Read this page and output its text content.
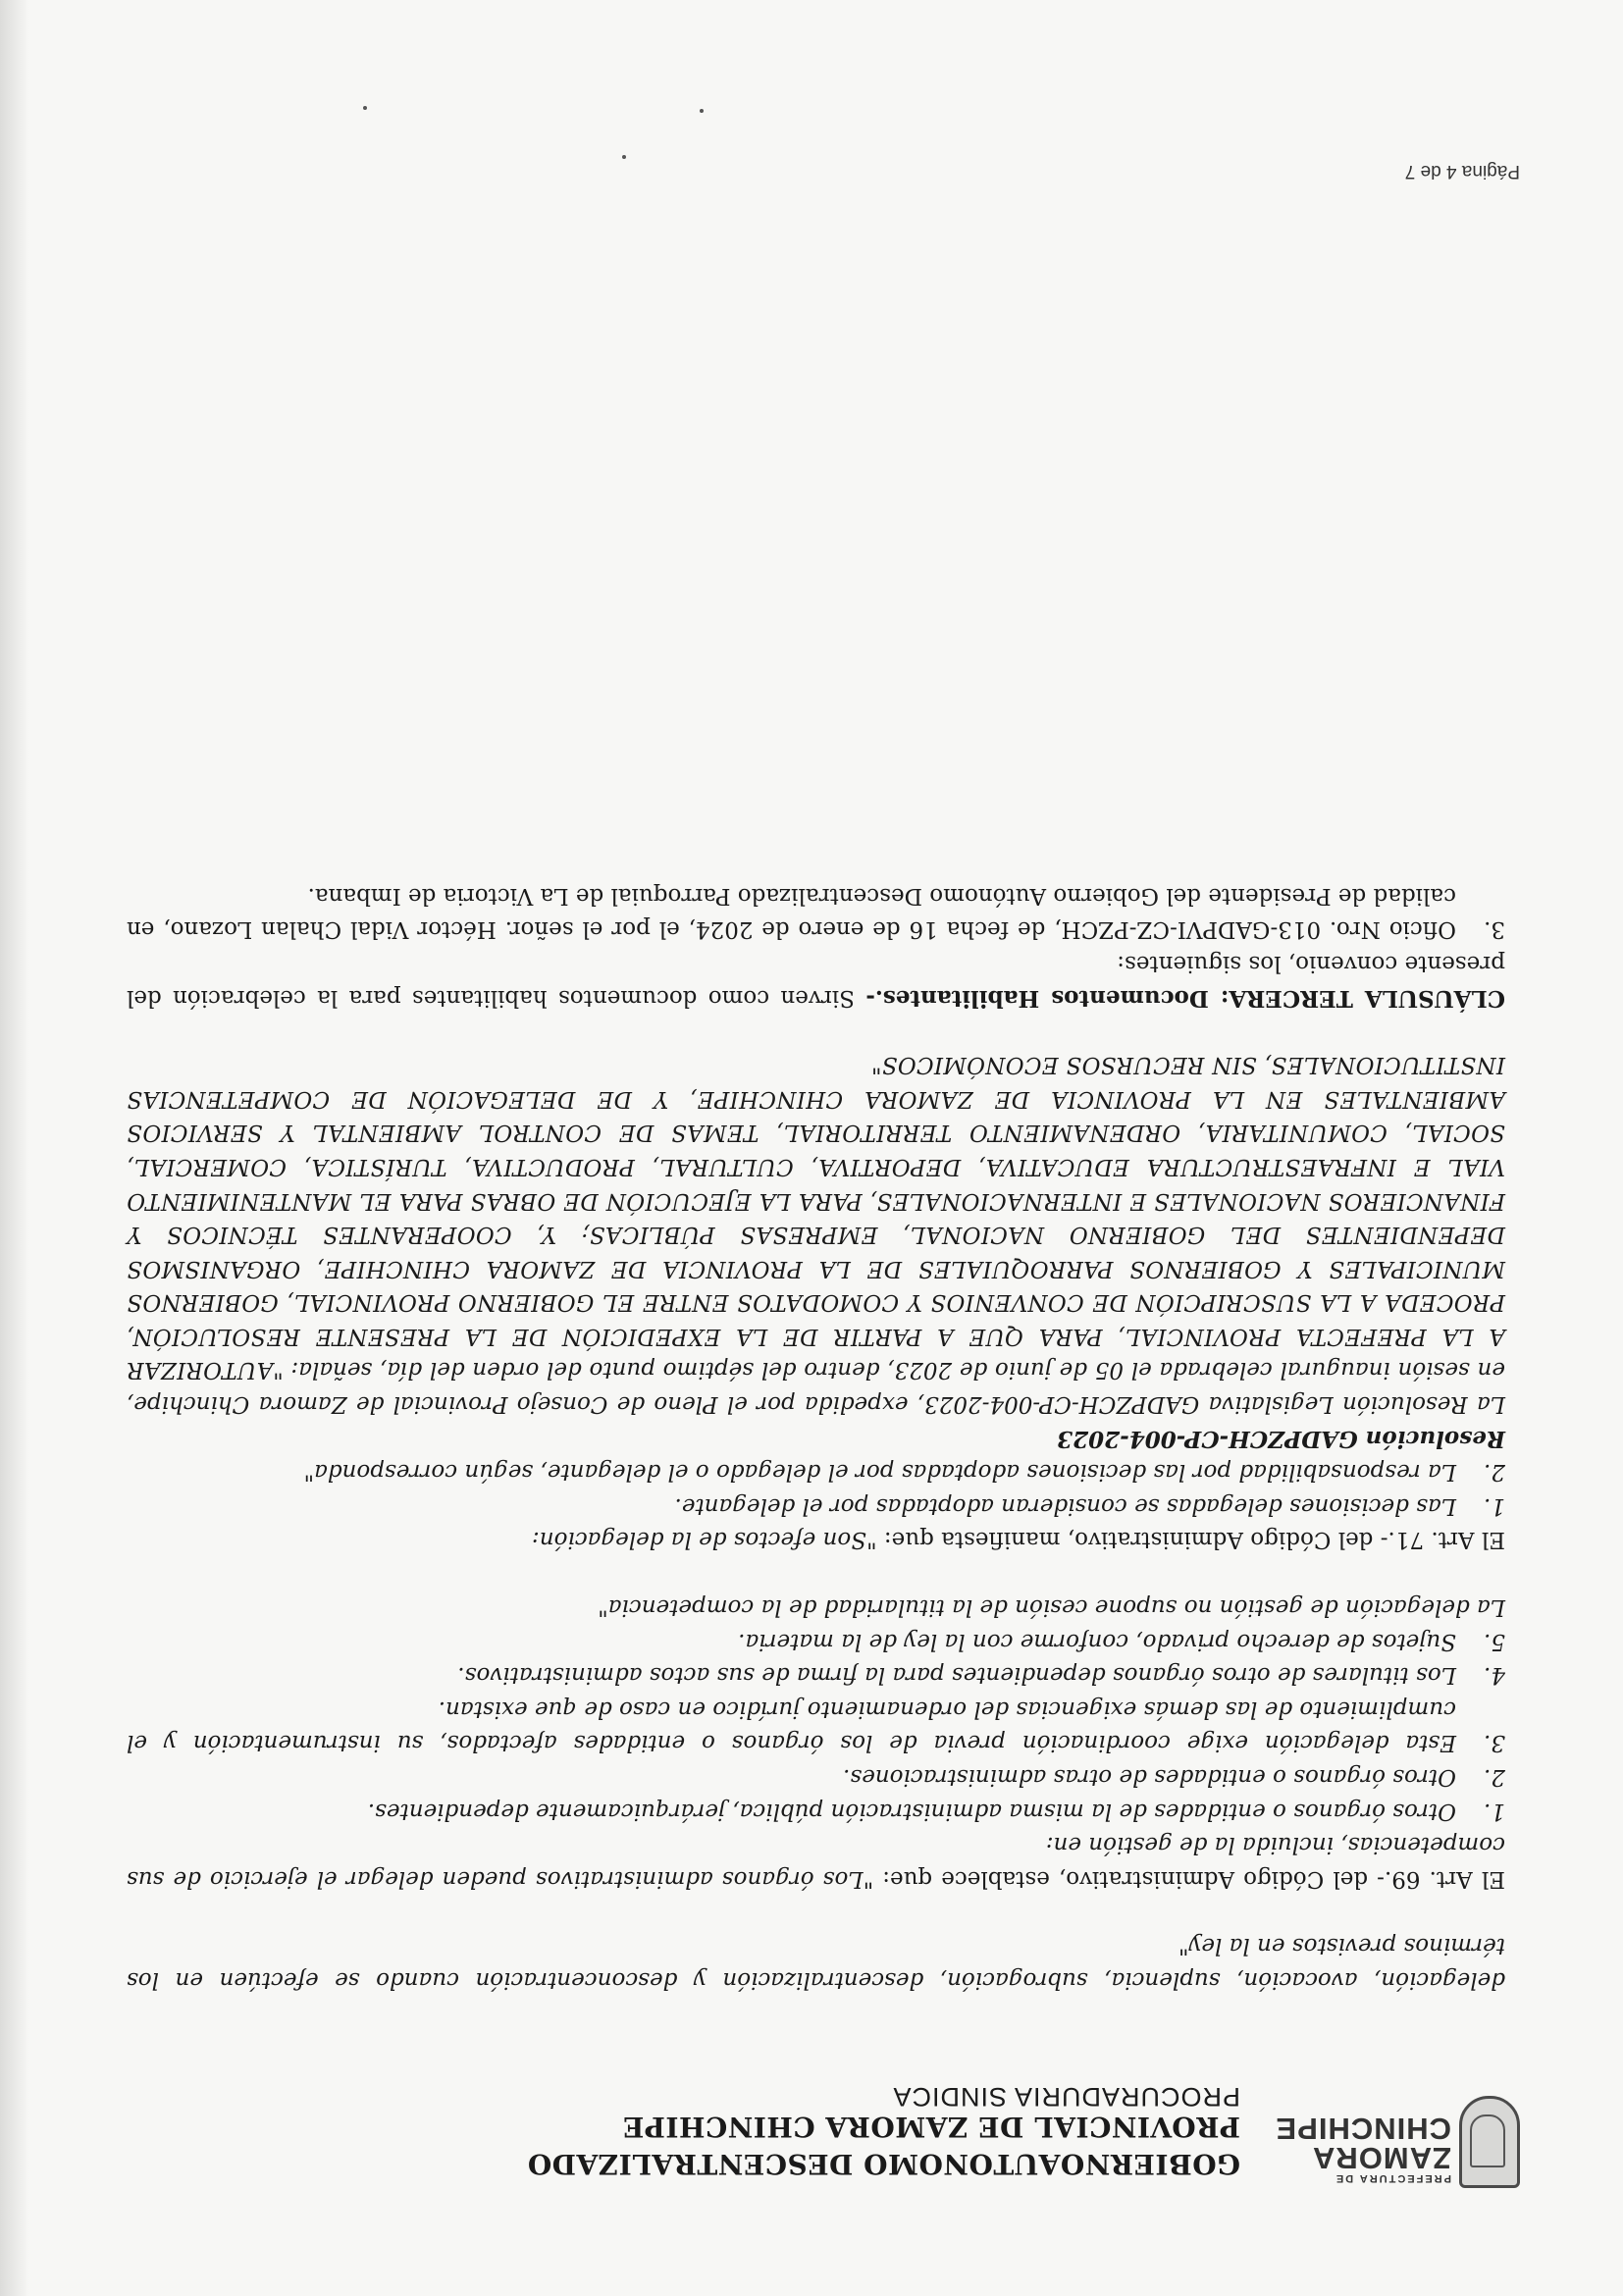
PREFECTURA DE
ZAMORA
CHINCHIPE
GOBIERNOAUTONOMO DESCENTRALIZADO
PROVINCIAL DE ZAMORA CHINCHIPE
PROCURADURIA SINDICA

delegación, avocación, suplencia, subrogación, descentralización y desconcentración cuando se efectúen en los términos previstos en la ley"

El Art. 69.- del Código Administrativo, establece que: "Los órganos administrativos pueden delegar el ejercicio de sus competencias, incluida la de gestión en:

1.
Otros órganos o entidades de la misma administración pública, jerárquicamente dependientes.
2.
Otros órganos o entidades de otras administraciones.
3.
Esta delegación exige coordinación previa de los órganos o entidades afectados, su instrumentación y el cumplimiento de las demás exigencias del ordenamiento jurídico en caso de que existan.
4.
Los titulares de otros órganos dependientes para la firma de sus actos administrativos.
5.
Sujetos de derecho privado, conforme con la ley de la materia.

La delegación de gestión no supone cesión de la titularidad de la competencia"

El Art. 71.- del Código Administrativo, manifiesta que: "Son efectos de la delegación:

1.
Las decisiones delegadas se consideran adoptadas por el delegante.
2.
La responsabilidad por las decisiones adoptadas por el delegado o el delegante, según corresponda"

Resolución GADPZCH-CP-004-2023

La Resolución Legislativa GADPZCH-CP-004-2023, expedida por el Pleno de Consejo Provincial de Zamora Chinchipe, en sesión inaugural celebrada el 05 de junio de 2023, dentro del séptimo punto del orden del día, señala: "AUTORIZAR A LA PREFECTA PROVINCIAL, PARA QUE A PARTIR DE LA EXPEDICIÓN DE LA PRESENTE RESOLUCIÓN, PROCEDA A LA SUSCRIPCIÓN DE CONVENIOS Y COMODATOS ENTRE EL GOBIERNO PROVINCIAL, GOBIERNOS MUNICIPALES Y GOBIERNOS PARROQUIALES DE LA PROVINCIA DE ZAMORA CHINCHIPE, ORGANISMOS DEPENDIENTES DEL GOBIERNO NACIONAL, EMPRESAS PÚBLICAS; Y, COOPERANTES TÉCNICOS Y FINANCIEROS NACIONALES E INTERNACIONALES, PARA LA EJECUCIÓN DE OBRAS PARA EL MANTENIMIENTO VIAL E INFRAESTRUCTURA EDUCATIVA, DEPORTIVA, CULTURAL, PRODUCTIVA, TURÍSTICA, COMERCIAL, SOCIAL, COMUNITARIA, ORDENAMIENTO TERRITORIAL, TEMAS DE CONTROL AMBIENTAL Y SERVICIOS AMBIENTALES EN LA PROVINCIA DE ZAMORA CHINCHIPE, Y DE DELEGACIÓN DE COMPETENCIAS INSTITUCIONALES, SIN RECURSOS ECONÓMICOS"

CLÁUSULA TERCERA: Documentos Habilitantes.- Sirven como documentos habilitantes para la celebración del presente convenio, los siguientes:

3.
Oficio Nro. 013-GADPVI-CZ-PZCH, de fecha 16 de enero de 2024, el por el señor. Héctor Vidal Chalan Lozano, en calidad de Presidente del Gobierno Autónomo Descentralizado Parroquial de La Victoria de Imbana.
Página 4 de 7
